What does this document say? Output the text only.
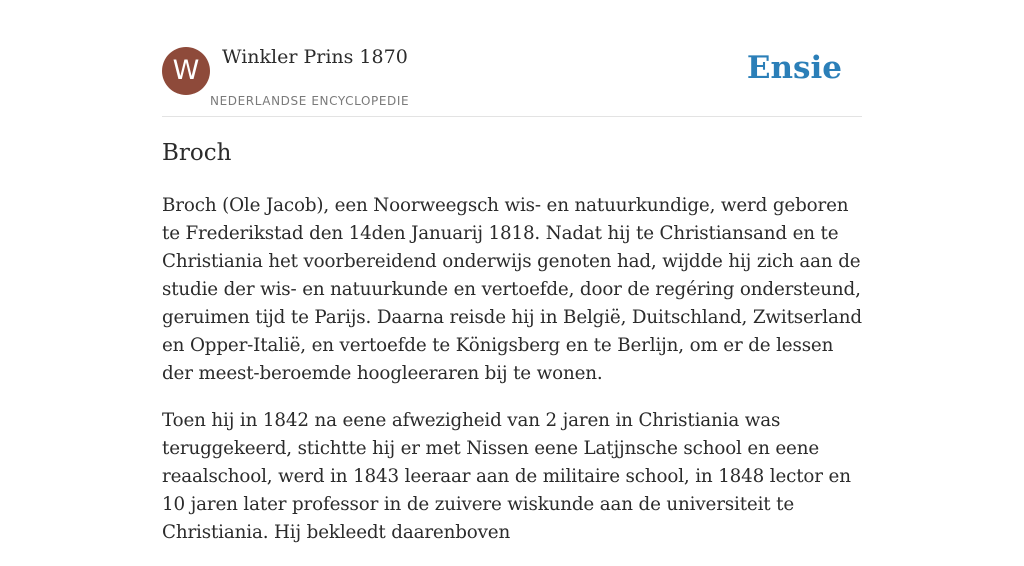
W	Winkler Prins 1870
NEDERLANDSE ENCYCLOPEDIE
Ensie
Broch

Broch (Ole Jacob), een Noorweegsch wis- en natuurkundige, werd geboren te Frederikstad den 14den Januarij 1818. Nadat hij te Christiansand en te Christiania het voorbereidend onderwijs genoten had, wijdde hij zich aan de studie der wis- en natuurkunde en vertoefde, door de regéring ondersteund, geruimen tijd te Parijs. Daarna reisde hij in België, Duitschland, Zwitserland en Opper-Italië, en vertoefde te Königsberg en te Berlijn, om er de lessen der meest-beroemde hoogleeraren bij te wonen.

Toen hij in 1842 na eene afwezigheid van 2 jaren in Christiania was teruggekeerd, stichtte hij er met Nissen eene Latjjnsche school en eene reaalschool, werd in 1843 leeraar aan de militaire school, in 1848 lector en 10 jaren later professor in de zuivere wiskunde aan de universiteit te Christiania. Hij bekleedt daarenboven
